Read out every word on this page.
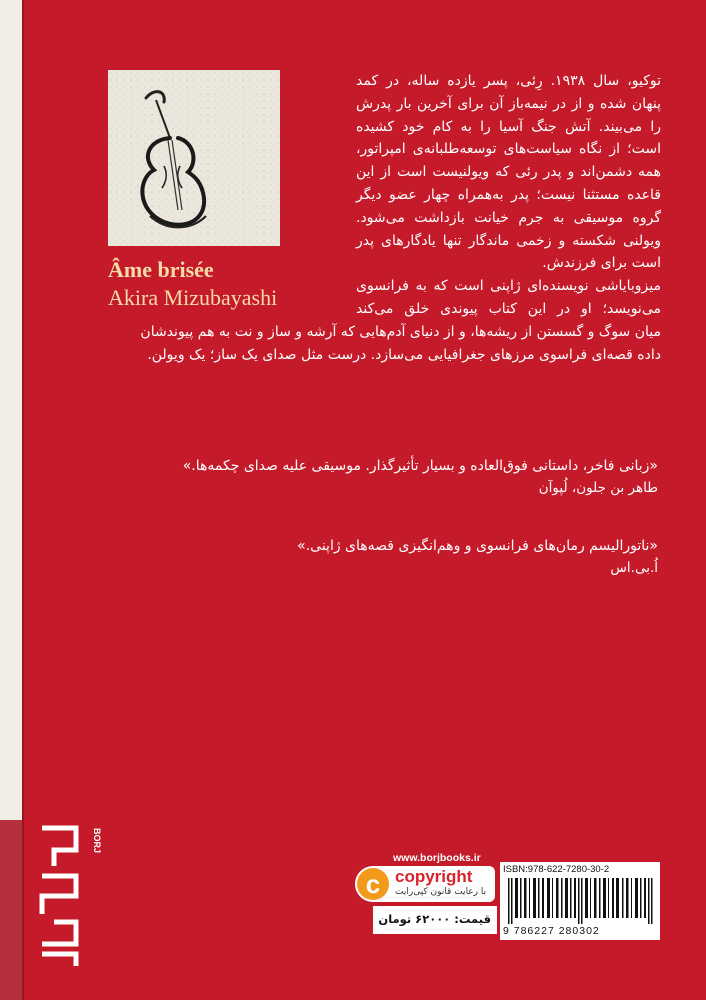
Âme brisée

Akira Mizubayashi

توکیو، سال ۱۹۳۸. رِئی، پسر یازده ساله، در کمد
پنهان شده و از در نیمه‌باز آن برای آخرین بار پدرش
را می‌بیند. آتش جنگ آسیا را به کام خود کشیده
است؛ از نگاه سیاست‌های توسعه‌طلبانه‌ی امپراتور،
همه دشمن‌اند و پدر رئی که ویولنیست است از این
قاعده مستثنا نیست؛ پدر به‌همراه چهار عضو دیگر
گروه موسیقی به جرم خیانت بازداشت می‌شود.
ویولنی شکسته و زخمی ماندگار تنها یادگارهای پدر
است برای فرزندش.
میزوبایاشی نویسنده‌ای ژاپنی است که به فرانسوی
می‌نویسد؛ او در این کتاب پیوندی خلق می‌کند
میان سوگ و گسستن از ریشه‌ها، و از دنیای آدم‌هایی که آرشه و ساز و نت به هم پیوندشان
داده قصه‌ای فراسوی مرزهای جغرافیایی می‌سازد. درست مثل صدای یک ساز؛ یک ویولن.

«زبانی فاخر، داستانی فوق‌العاده و بسیار تأثیرگذار. موسیقی علیه صدای چکمه‌ها.»

طاهر بن جلون، لُپوآن

«ناتورالیسم رمان‌های فرانسوی و وهم‌انگیزی قصه‌های ژاپنی.»

اُ.بی.اس

BORJ

www.borjbooks.ir

c copyright

با رعایت قانون کپی‌رایت

ISBN:978-622-7280-30-2

9 786227 280302

قیمت: ۶۲۰۰۰ تومان
